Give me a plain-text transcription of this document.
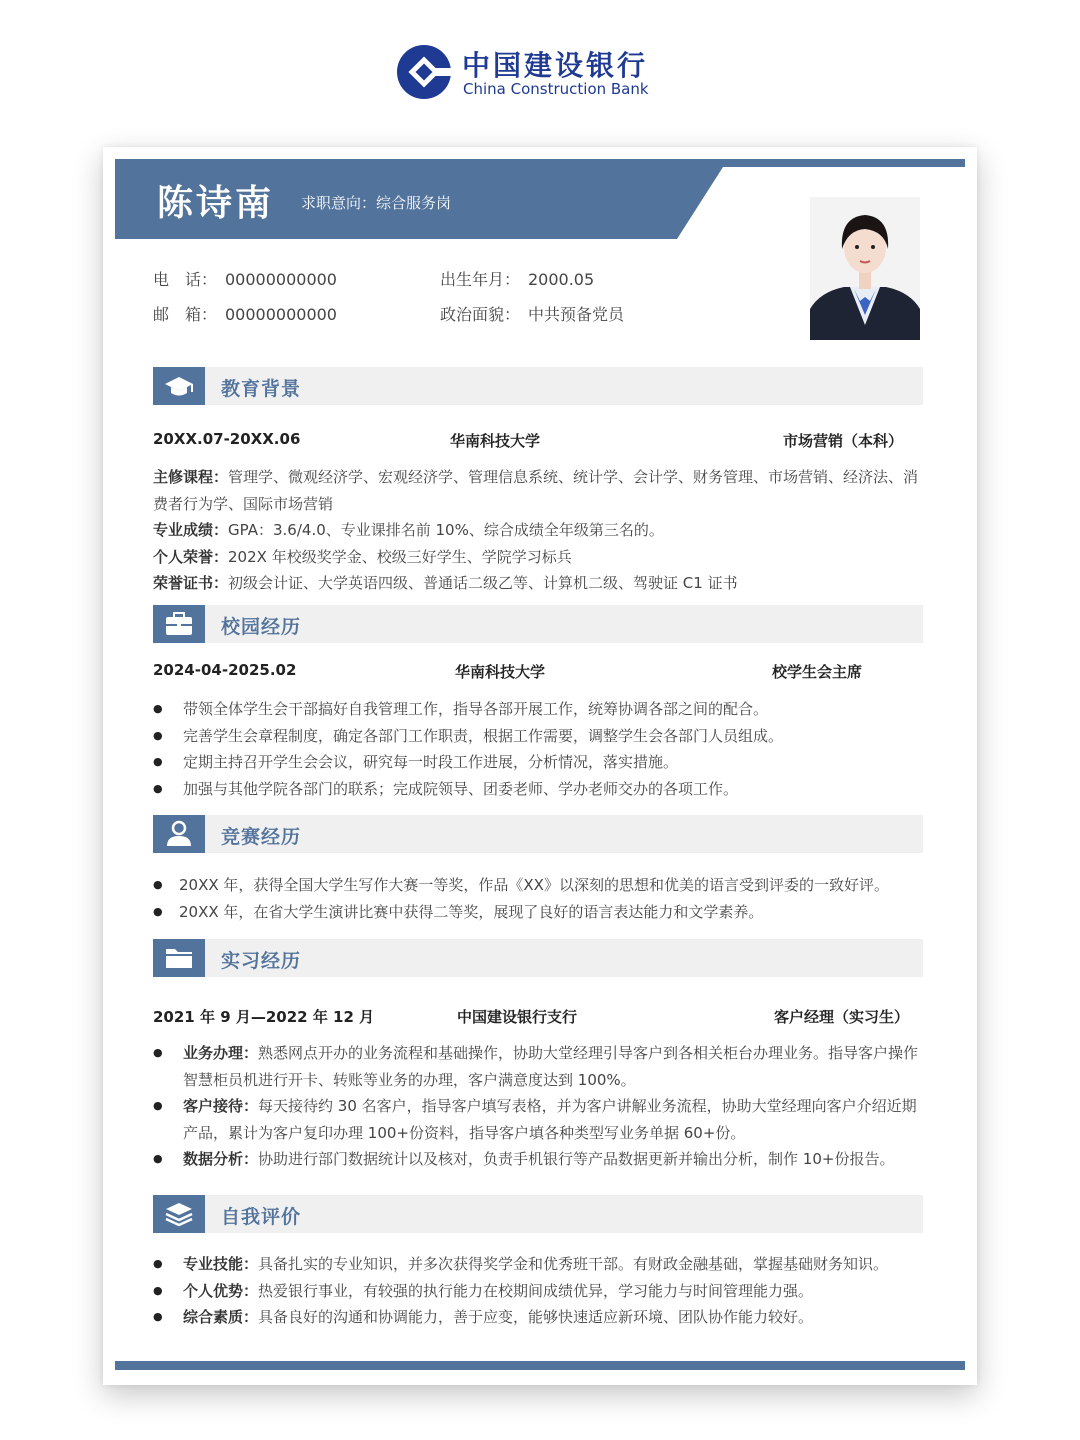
中国建设银行
China Construction Bank
陈诗南 求职意向：综合服务岗
电　话： 00000000000
邮　箱： 00000000000
出生年月： 2000.05
政治面貌： 中共预备党员
教育背景
20XX.07-20XX.06	华南科技大学	市场营销（本科）
主修课程：管理学、微观经济学、宏观经济学、管理信息系统、统计学、会计学、财务管理、市场营销、经济法、消费者行为学、国际市场营销
专业成绩：GPA：3.6/4.0、专业课排名前 10%、综合成绩全年级第三名的。
个人荣誉：202X 年校级奖学金、校级三好学生、学院学习标兵
荣誉证书：初级会计证、大学英语四级、普通话二级乙等、计算机二级、驾驶证 C1 证书
校园经历
2024-04-2025.02	华南科技大学	校学生会主席
● 带领全体学生会干部搞好自我管理工作，指导各部开展工作，统筹协调各部之间的配合。
● 完善学生会章程制度，确定各部门工作职责，根据工作需要，调整学生会各部门人员组成。
● 定期主持召开学生会会议，研究每一时段工作进展，分析情况，落实措施。
● 加强与其他学院各部门的联系；完成院领导、团委老师、学办老师交办的各项工作。
竞赛经历
● 20XX 年，获得全国大学生写作大赛一等奖，作品《XX》以深刻的思想和优美的语言受到评委的一致好评。
● 20XX 年，在省大学生演讲比赛中获得二等奖，展现了良好的语言表达能力和文学素养。
实习经历
2021 年 9 月—2022 年 12 月	中国建设银行支行	客户经理（实习生）
● 业务办理：熟悉网点开办的业务流程和基础操作，协助大堂经理引导客户到各相关柜台办理业务。指导客户操作智慧柜员机进行开卡、转账等业务的办理，客户满意度达到 100%。
● 客户接待：每天接待约 30 名客户，指导客户填写表格，并为客户讲解业务流程，协助大堂经理向客户介绍近期产品，累计为客户复印办理 100+份资料，指导客户填各种类型写业务单据 60+份。
● 数据分析：协助进行部门数据统计以及核对，负责手机银行等产品数据更新并输出分析，制作 10+份报告。
自我评价
● 专业技能：具备扎实的专业知识，并多次获得奖学金和优秀班干部。有财政金融基础，掌握基础财务知识。
● 个人优势：热爱银行事业，有较强的执行能力在校期间成绩优异，学习能力与时间管理能力强。
● 综合素质：具备良好的沟通和协调能力，善于应变，能够快速适应新环境、团队协作能力较好。
